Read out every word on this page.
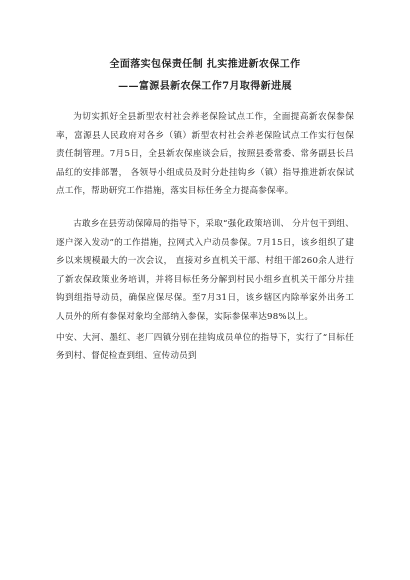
全面落实包保责任制 扎实推进新农保工作

——富源县新农保工作7月取得新进展

为切实抓好全县新型农村社会养老保险试点工作，全面提高新农保参保率，富源县人民政府对各乡（镇）新型农村社会养老保险试点工作实行包保责任制管理。7月5日，全县新农保座谈会后，按照县委常委、常务副县长吕品红的安排部署， 各领导小组成员及时分赴挂钩乡（镇）指导推进新农保试点工作，帮助研究工作措施，落实目标任务全力提高参保率。

古敢乡在县劳动保障局的指导下，采取“强化政策培训、 分片包干到组、逐户深入发动”的工作措施，拉网式入户动员参保。7月15日，该乡组织了建乡以来规模最大的一次会议， 直接对乡直机关干部、村组干部260余人进行了新农保政策业务培训，并将目标任务分解到村民小组乡直机关干部分片挂钩到组指导动员，确保应保尽保。至7月31日，该乡辖区内除举家外出务工人员外的所有参保对象均全部纳入参保，实际参保率达98%以上。

中安、大河、墨红、老厂四镇分别在挂钩成员单位的指导下，实行了“目标任务到村、督促检查到组、宣传动员到
